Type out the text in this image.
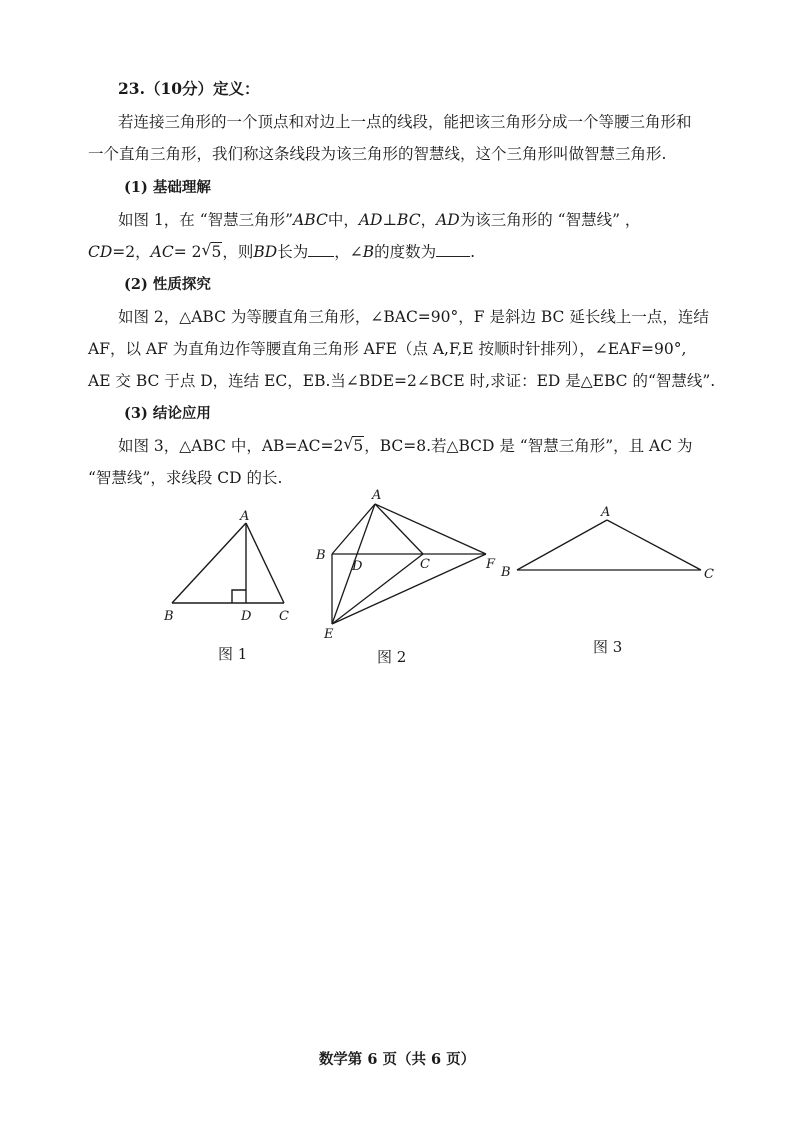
23.（10分）定义：
若连接三角形的一个顶点和对边上一点的线段，能把该三角形分成一个等腰三角形和
一个直角三角形，我们称这条线段为该三角形的智慧线，这个三角形叫做智慧三角形.
(1) 基础理解
如图 1，在 “智慧三角形”ABC中，AD⊥BC，AD为该三角形的 “智慧线” ，
CD=2，AC= 2 √ 5，则BD长为 ，∠B的度数为 .
(2) 性质探究
如图 2，△ABC 为等腰直角三角形，∠BAC=90°，F 是斜边 BC 延长线上一点，连结
AF，以 AF 为直角边作等腰直角三角形 AFE（点 A,F,E 按顺时针排列），∠EAF=90°,
AE 交 BC 于点 D，连结 EC，EB.当∠BDE=2∠BCE 时,求证：ED 是△EBC 的“智慧线”.
(3) 结论应用
如图 3，△ABC 中，AB=AC=2 √ 5，BC=8.若△BCD 是 “智慧三角形”，且 AC 为
“智慧线”，求线段 CD 的长.
A
B	D C
图 1
A
B
D	C	F
E
图 2
A
B	C
图 3
数学第 6 页（共 6 页）
